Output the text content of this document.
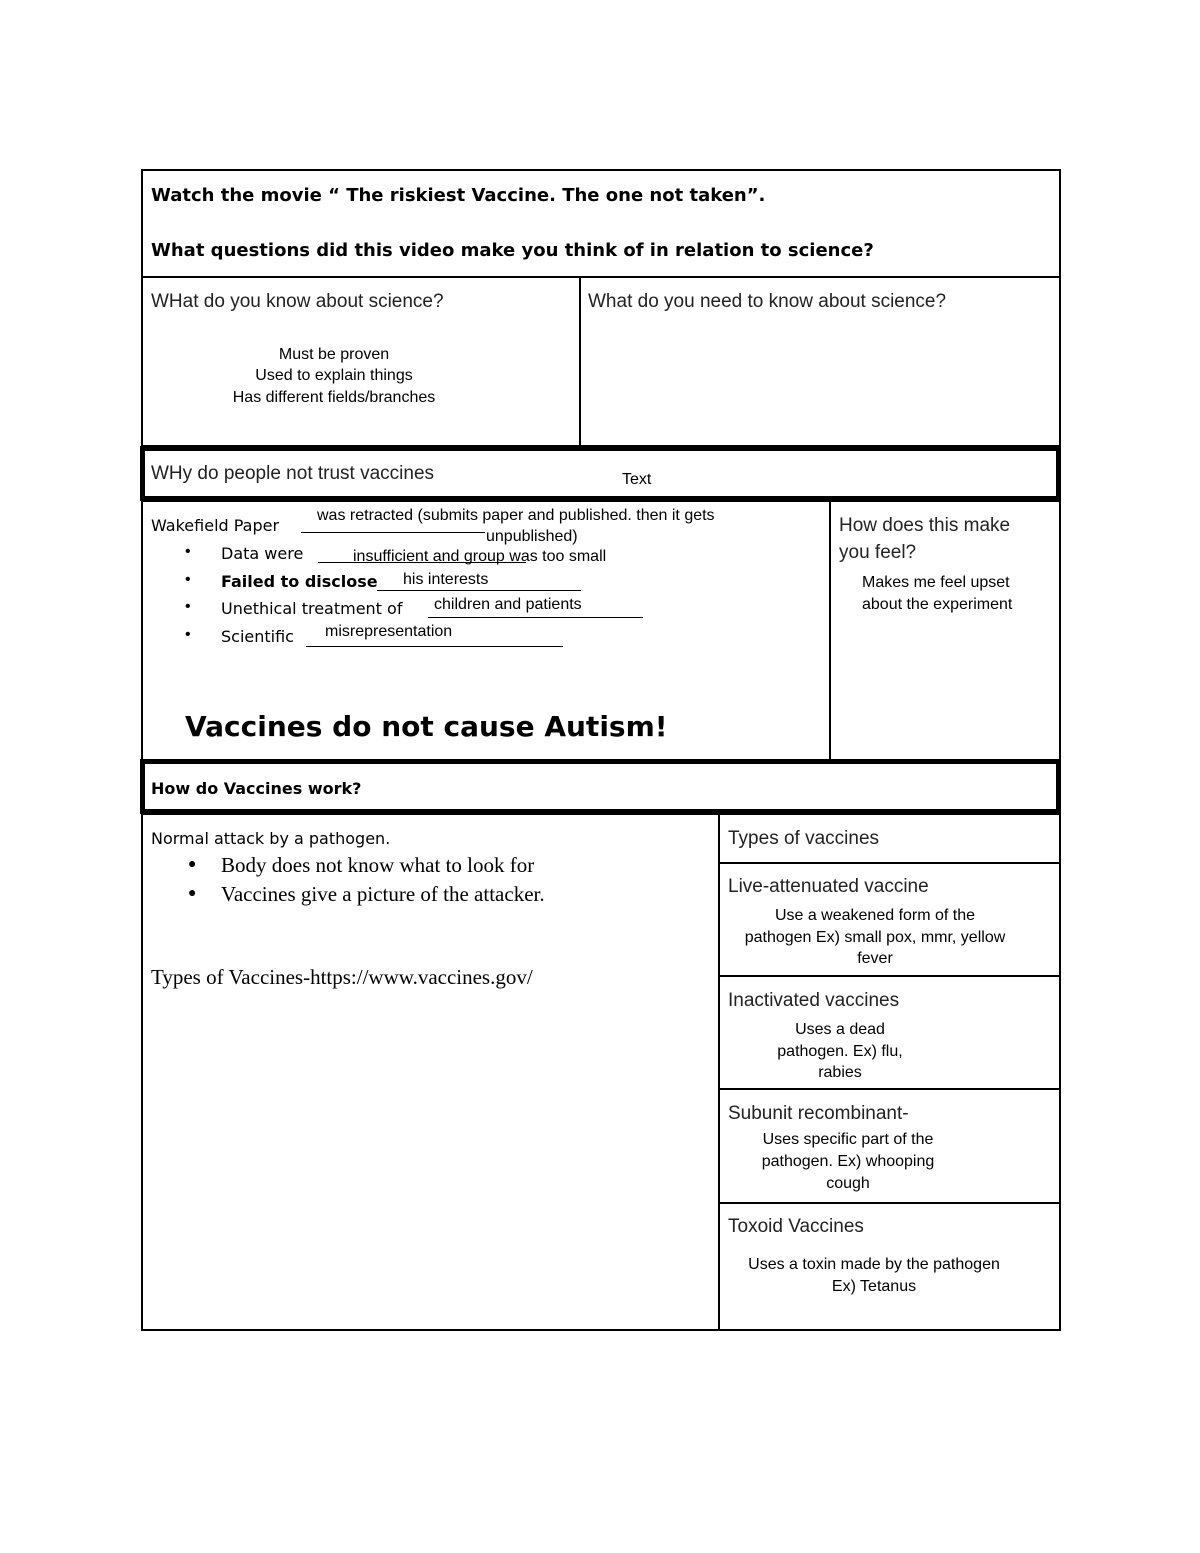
Watch the movie “ The riskiest Vaccine. The one not taken”.
What questions did this video make you think of in relation to science?
WHat do you know about science?
Must be proven
Used to explain things
Has different fields/branches
What do you need to know about science?
WHy do people not trust vaccines	Text
Wakefield Paper
was retracted (submits paper and published. then it gets
unpublished)
• Data were	insufficient and group was too small
• Failed to disclose his interests
• Unethical treatment of children and patients
• Scientific misrepresentation
Vaccines do not cause Autism!
How does this make
you feel?
Makes me feel upset
about the experiment
How do Vaccines work?
Normal attack by a pathogen.
● Body does not know what to look for
● Vaccines give a picture of the attacker.
Types of Vaccines-https://www.vaccines.gov/
Types of vaccines
Live-attenuated vaccine
Use a weakened form of the
pathogen Ex) small pox, mmr, yellow
fever
Inactivated vaccines
Uses a dead
pathogen. Ex) flu,
rabies
Subunit recombinant-
Uses specific part of the
pathogen. Ex) whooping
cough
Toxoid Vaccines
Uses a toxin made by the pathogen
Ex) Tetanus
